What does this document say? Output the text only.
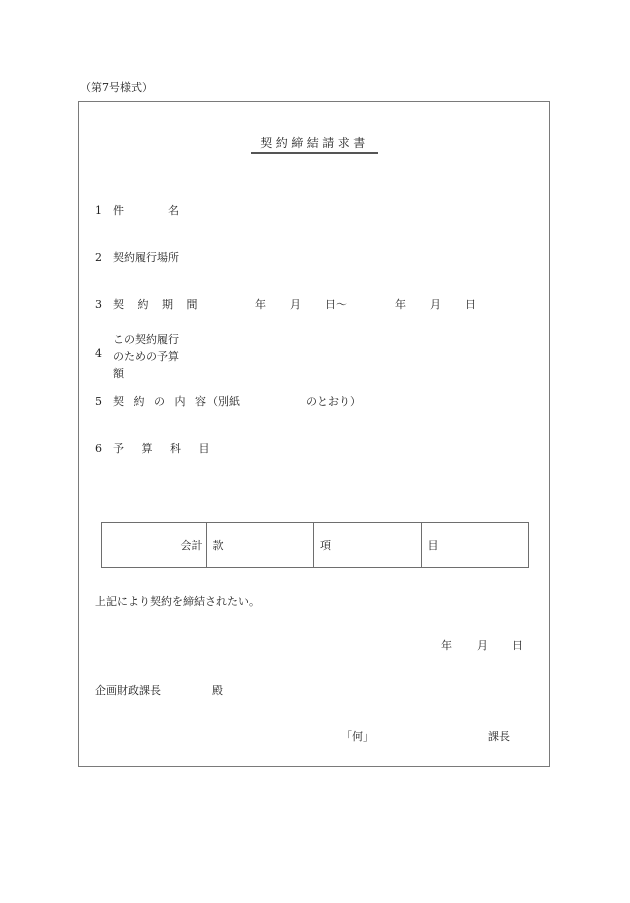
（第7号様式）
契約締結請求書
1 件　　　　名
2 契約履行場所
3 契 約 期 間	年 月 日～	年 月 日
4
この契約履行
のための予算
額
5 契 約 の 内 容
（別紙	のとおり）
6 予 算 科 目
会計 款	項	目
上記により契約を締結されたい。
年 月 日
企画財政課長	殿
「何」	課長
